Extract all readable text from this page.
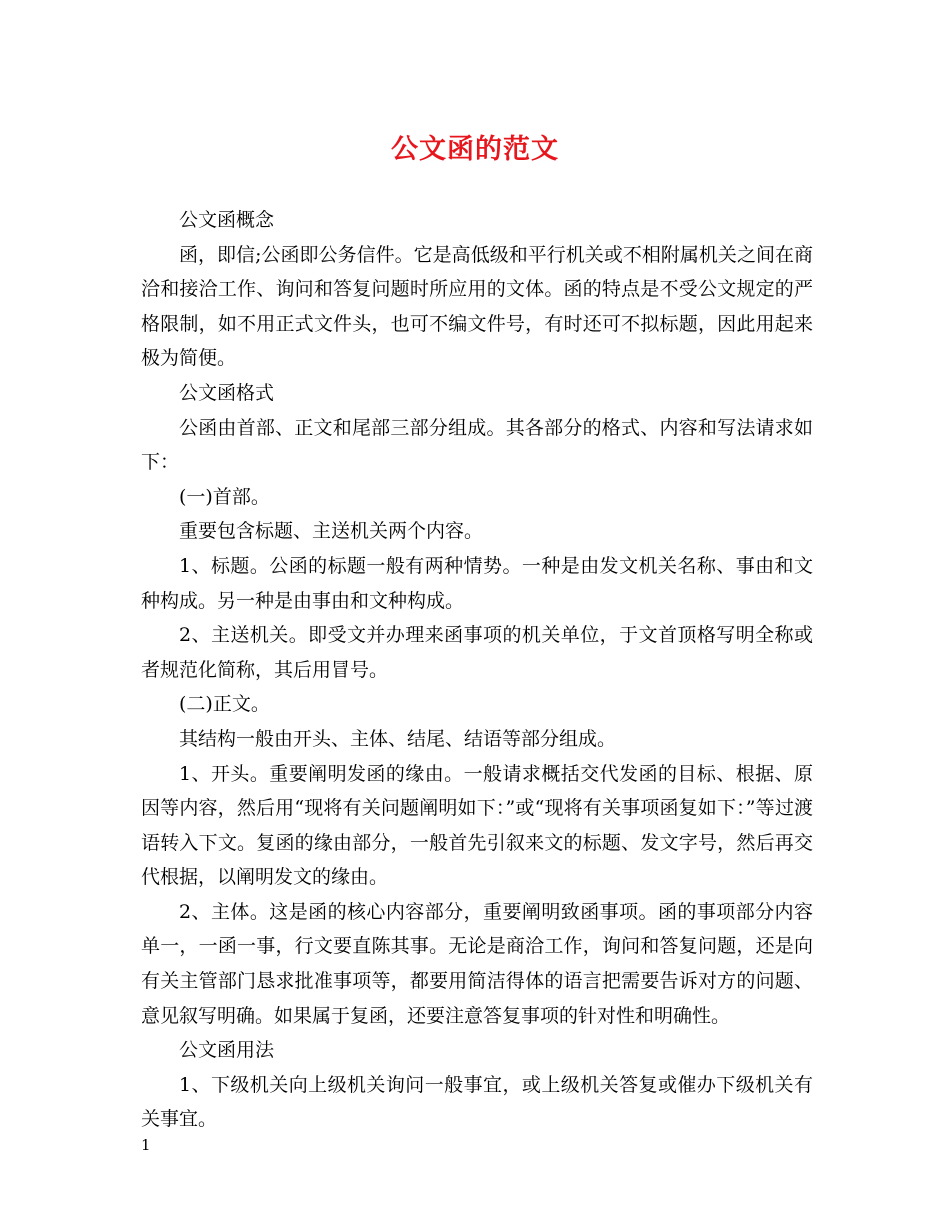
公文函的范文

公文函概念

函，即信;公函即公务信件。它是高低级和平行机关或不相附属机关之间在商洽和接洽工作、询问和答复问题时所应用的文体。函的特点是不受公文规定的严格限制，如不用正式文件头，也可不编文件号，有时还可不拟标题，因此用起来极为简便。

公文函格式

公函由首部、正文和尾部三部分组成。其各部分的格式、内容和写法请求如下：

(一)首部。

重要包含标题、主送机关两个内容。

1、标题。公函的标题一般有两种情势。一种是由发文机关名称、事由和文种构成。另一种是由事由和文种构成。

2、主送机关。即受文并办理来函事项的机关单位，于文首顶格写明全称或者规范化简称，其后用冒号。

(二)正文。

其结构一般由开头、主体、结尾、结语等部分组成。

1、开头。重要阐明发函的缘由。一般请求概括交代发函的目标、根据、原因等内容，然后用“现将有关问题阐明如下：”或“现将有关事项函复如下：”等过渡语转入下文。复函的缘由部分，一般首先引叙来文的标题、发文字号，然后再交代根据，以阐明发文的缘由。

2、主体。这是函的核心内容部分，重要阐明致函事项。函的事项部分内容单一，一函一事，行文要直陈其事。无论是商洽工作，询问和答复问题，还是向有关主管部门恳求批准事项等，都要用简洁得体的语言把需要告诉对方的问题、意见叙写明确。如果属于复函，还要注意答复事项的针对性和明确性。

公文函用法

1、下级机关向上级机关询问一般事宜，或上级机关答复或催办下级机关有关事宜。

1
